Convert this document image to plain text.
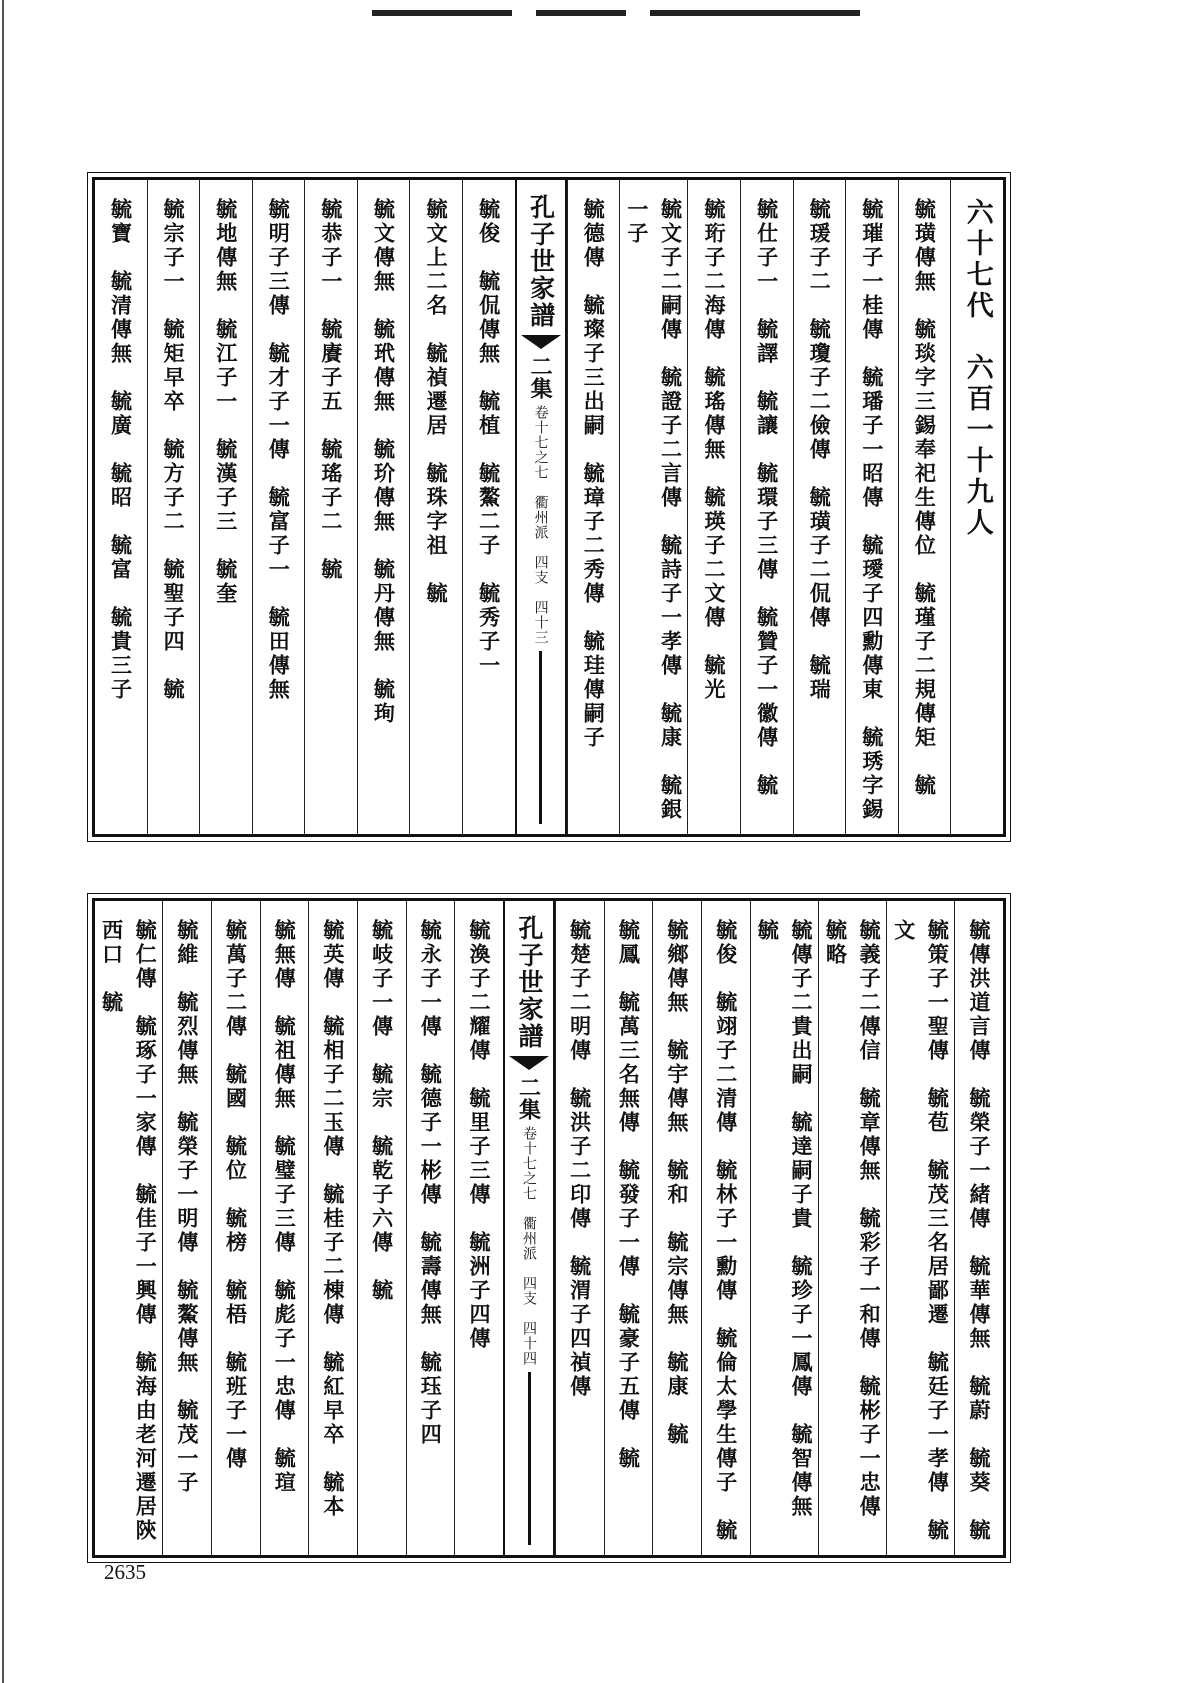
六十七代　六百一十九人
毓璜傳無　毓琰字三錫奉祀生傳位　毓瑾子二規傳矩　毓
毓璀子一桂傳　毓璠子一昭傳　毓璦子四勳傳東　毓琇字錫
毓瑗子二　毓瓊子二儉傳　毓璜子二侃傳　毓瑞
毓仕子一　毓譯　毓讓　毓環子三傳　毓贊子一徽傳　毓
毓珩子二海傳　毓瑤傳無　毓瑛子二文傳　毓光
毓文子二嗣傳　毓證子二言傳　毓詩子一孝傳　毓康　毓銀一子
毓德傳　毓璨子三出嗣　毓璋子二秀傳　毓珪傳嗣子
孔子世家譜
二集
卷十七之七　衢州派　四支　四十三
毓俊　毓侃傳無　毓植　毓鰲二子　毓秀子一
毓文上二名　毓禎遷居　毓珠字祖　毓
毓文傳無　毓玳傳無　毓玠傳無　毓丹傳無　毓珣
毓恭子一　毓賡子五　毓瑤子二　毓
毓明子三傳　毓才子一傳　毓富子一　毓田傳無
毓地傳無　毓江子一　毓漢子三　毓奎
毓宗子一　毓矩早卒　毓方子二　毓聖子四　毓
毓寶　毓清傳無　毓廣　毓昭　毓富　毓貴三子
毓傳洪道言傳　毓榮子一緒傳　毓華傳無　毓蔚　毓葵　毓
毓策子一聖傳　毓苞　毓茂三名居鄙遷　毓廷子一孝傳　毓文
毓義子二傳信　毓章傳無　毓彩子一和傳　毓彬子一忠傳　毓略
毓傳子二貴出嗣　毓達嗣子貴　毓珍子一鳳傳　毓智傳無　毓
毓俊　毓翊子二清傳　毓林子一勳傳　毓倫太學生傳子　毓
毓鄉傳無　毓宇傳無　毓和　毓宗傳無　毓康　毓
毓鳳　毓萬三名無傳　毓發子一傳　毓豪子五傳　毓
毓楚子二明傳　毓洪子二印傳　毓渭子四禎傳
孔子世家譜
二集
卷十七之七　衢州派　四支　四十四
毓渙子二耀傳　毓里子三傳　毓洲子四傳
毓永子一傳　毓德子一彬傳　毓壽傳無　毓珏子四
毓岐子一傳　毓宗　毓乾子六傳　毓
毓英傳　毓相子二玉傳　毓桂子二棟傳　毓紅早卒　毓本
毓無傳　毓祖傳無　毓璧子三傳　毓彪子一忠傳　毓瑄
毓萬子二傳　毓國　毓位　毓榜　毓梧　毓班子一傳
毓維　毓烈傳無　毓榮子一明傳　毓鰲傳無　毓茂一子
毓仁傳　毓琢子一家傳　毓佳子一興傳　毓海由老河遷居陝西口　毓
2635
